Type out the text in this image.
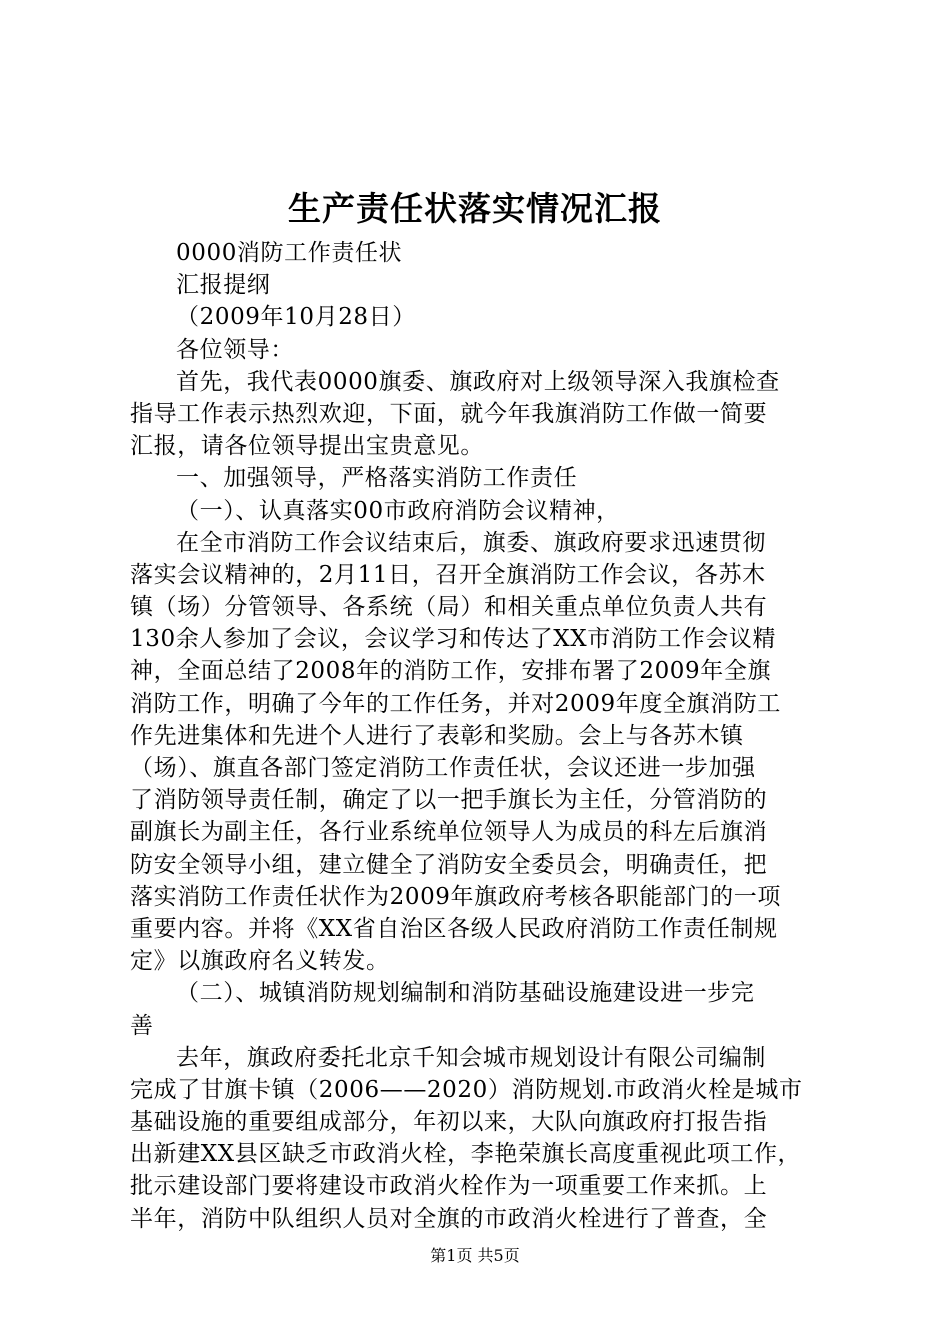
生产责任状落实情况汇报
0000消防工作责任状
汇报提纲
（2009年10月28日）
各位领导：
首先，我代表0000旗委、旗政府对上级领导深入我旗检查
指导工作表示热烈欢迎，下面，就今年我旗消防工作做一简要
汇报，请各位领导提出宝贵意见。
一、加强领导，严格落实消防工作责任
（一）、认真落实00市政府消防会议精神，
在全市消防工作会议结束后，旗委、旗政府要求迅速贯彻
落实会议精神的，2月11日，召开全旗消防工作会议，各苏木
镇（场）分管领导、各系统（局）和相关重点单位负责人共有
130余人参加了会议，会议学习和传达了XX市消防工作会议精
神，全面总结了2008年的消防工作，安排布署了2009年全旗
消防工作，明确了今年的工作任务，并对2009年度全旗消防工
作先进集体和先进个人进行了表彰和奖励。会上与各苏木镇
（场）、旗直各部门签定消防工作责任状，会议还进一步加强
了消防领导责任制，确定了以一把手旗长为主任，分管消防的
副旗长为副主任，各行业系统单位领导人为成员的科左后旗消
防安全领导小组，建立健全了消防安全委员会，明确责任，把
落实消防工作责任状作为2009年旗政府考核各职能部门的一项
重要内容。并将《XX省自治区各级人民政府消防工作责任制规
定》以旗政府名义转发。
（二）、城镇消防规划编制和消防基础设施建设进一步完
善
去年，旗政府委托北京千知会城市规划设计有限公司编制
完成了甘旗卡镇（2006——2020）消防规划.市政消火栓是城市
基础设施的重要组成部分，年初以来，大队向旗政府打报告指
出新建XX县区缺乏市政消火栓，李艳荣旗长高度重视此项工作，
批示建设部门要将建设市政消火栓作为一项重要工作来抓。上
半年，消防中队组织人员对全旗的市政消火栓进行了普查，全
第1页 共5页
